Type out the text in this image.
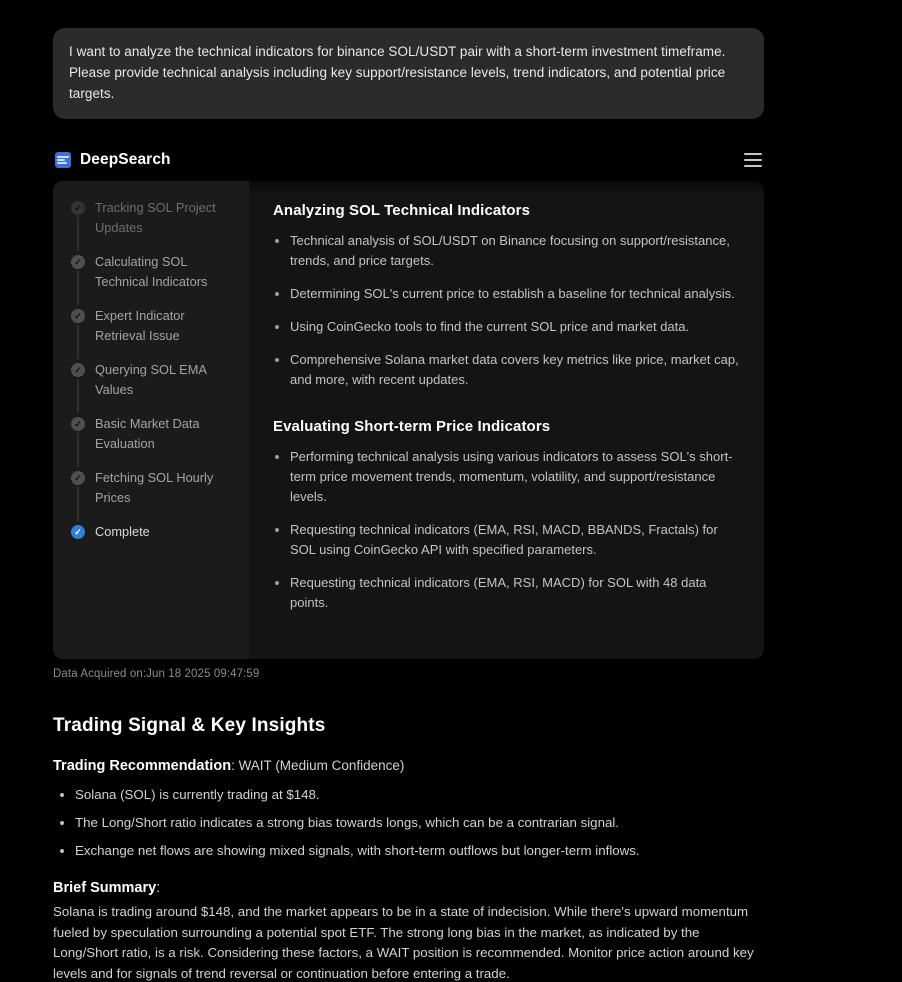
I want to analyze the technical indicators for binance SOL/USDT pair with a short-term investment timeframe. Please provide technical analysis including key support/resistance levels, trend indicators, and potential price targets.
DeepSearch
✓ Tracking SOL Project Updates
✓ Calculating SOL Technical Indicators
✓ Expert Indicator Retrieval Issue
✓ Querying SOL EMA Values
✓ Basic Market Data Evaluation
✓ Fetching SOL Hourly Prices
✓ Complete
Analyzing SOL Technical Indicators
Technical analysis of SOL/USDT on Binance focusing on support/resistance, trends, and price targets.
Determining SOL's current price to establish a baseline for technical analysis.
Using CoinGecko tools to find the current SOL price and market data.
Comprehensive Solana market data covers key metrics like price, market cap, and more, with recent updates.
Evaluating Short-term Price Indicators
Performing technical analysis using various indicators to assess SOL's short-term price movement trends, momentum, volatility, and support/resistance levels.
Requesting technical indicators (EMA, RSI, MACD, BBANDS, Fractals) for SOL using CoinGecko API with specified parameters.
Requesting technical indicators (EMA, RSI, MACD) for SOL with 48 data points.
Data Acquired on:Jun 18 2025 09:47:59
Trading Signal & Key Insights
Trading Recommendation: WAIT (Medium Confidence)
Solana (SOL) is currently trading at $148.
The Long/Short ratio indicates a strong bias towards longs, which can be a contrarian signal.
Exchange net flows are showing mixed signals, with short-term outflows but longer-term inflows.
Brief Summary:
Solana is trading around $148, and the market appears to be in a state of indecision. While there's upward momentum fueled by speculation surrounding a potential spot ETF. The strong long bias in the market, as indicated by the Long/Short ratio, is a risk. Considering these factors, a WAIT position is recommended. Monitor price action around key levels and for signals of trend reversal or continuation before entering a trade.
